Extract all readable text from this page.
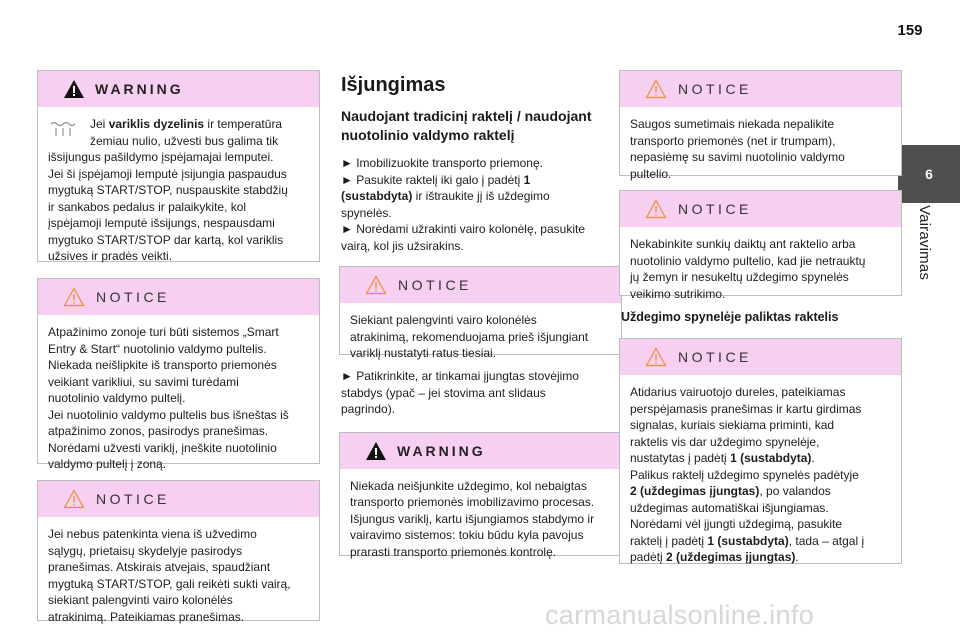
159
6
Vairavimas
WARNING

Jei variklis dyzelinis ir temperatūra

žemiau nulio, užvesti bus galima tik

išsijungus pašildymo įspėjamajai lemputei.

Jei ši įspėjamoji lemputė įsijungia paspaudus

mygtuką START/STOP, nuspauskite stabdžių

ir sankabos pedalus ir palaikykite, kol

įspėjamoji lemputė išsijungs, nespausdami

mygtuko START/STOP dar kartą, kol variklis

užsives ir pradės veikti.

NOTICE

Atpažinimo zonoje turi būti sistemos „Smart

Entry & Start“ nuotolinio valdymo pultelis.

Niekada neišlipkite iš transporto priemonės

veikiant varikliui, su savimi turėdami

nuotolinio valdymo pultelį.

Jei nuotolinio valdymo pultelis bus išneštas iš

atpažinimo zonos, pasirodys pranešimas.

Norėdami užvesti variklį, įneškite nuotolinio

valdymo pultelį į zoną.

NOTICE

Jei nebus patenkinta viena iš užvedimo

sąlygų, prietaisų skydelyje pasirodys

pranešimas. Atskirais atvejais, spaudžiant

mygtuką START/STOP, gali reikėti sukti vairą,

siekiant palengvinti vairo kolonėlės

atrakinimą. Pateikiamas pranešimas.

Išjungimas
Naudojant tradicinį raktelį / naudojant
nuotolinio valdymo raktelį

► Imobilizuokite transporto priemonę.

► Pasukite raktelį iki galo į padėtį 1

(sustabdyta) ir ištraukite jį iš uždegimo

spynelės.

► Norėdami užrakinti vairo kolonėlę, pasukite

vairą, kol jis užsirakins.

NOTICE

Siekiant palengvinti vairo kolonėlės

atrakinimą, rekomenduojama prieš išjungiant

variklį nustatyti ratus tiesiai.

► Patikrinkite, ar tinkamai įjungtas stovėjimo

stabdys (ypač – jei stovima ant slidaus

pagrindo).

WARNING

Niekada neišjunkite uždegimo, kol nebaigtas

transporto priemonės imobilizavimo procesas.

Išjungus variklį, kartu išjungiamos stabdymo ir

vairavimo sistemos: tokiu būdu kyla pavojus

prarasti transporto priemonės kontrolę.

NOTICE

Saugos sumetimais niekada nepalikite

transporto priemonės (net ir trumpam),

nepasiėmę su savimi nuotolinio valdymo

pultelio.

NOTICE

Nekabinkite sunkių daiktų ant raktelio arba

nuotolinio valdymo pultelio, kad jie netrauktų

jų žemyn ir nesukeltų uždegimo spynelės

veikimo sutrikimo.

Uždegimo spynelėje paliktas raktelis
NOTICE

Atidarius vairuotojo dureles, pateikiamas

perspėjamasis pranešimas ir kartu girdimas

signalas, kuriais siekiama priminti, kad

raktelis vis dar uždegimo spynelėje,

nustatytas į padėtį 1 (sustabdyta).

Palikus raktelį uždegimo spynelės padėtyje

2 (uždegimas įjungtas), po valandos

uždegimas automatiškai išjungiamas.

Norėdami vėl įjungti uždegimą, pasukite

raktelį į padėtį 1 (sustabdyta), tada – atgal į

padėtį 2 (uždegimas įjungtas).

carmanualsonline.info
